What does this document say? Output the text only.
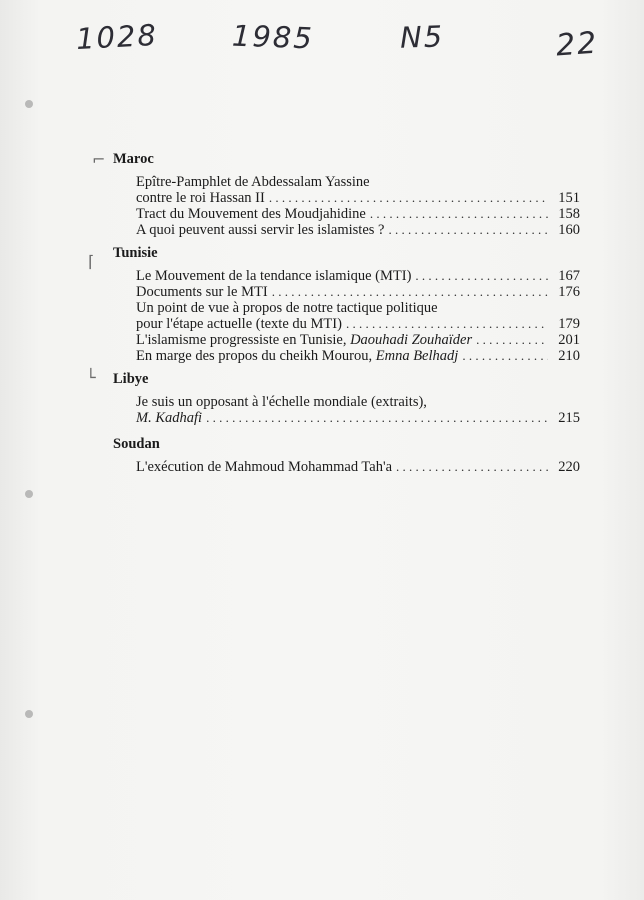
1028	1985	N5	22
⌐
⌈
└
Maroc
Epître-Pamphlet de Abdessalam Yassine
contre le roi Hassan II . . .	151
Tract du Mouvement des Moudjahidine . . .	158
A quoi peuvent aussi servir les islamistes ? . . .	160
Tunisie
Le Mouvement de la tendance islamique (MTI) . . .	167
Documents sur le MTI . . .	176
Un point de vue à propos de notre tactique politique
pour l'étape actuelle (texte du MTI) . . .	179
L'islamisme progressiste en Tunisie, Daouhadi Zouhaïder . . .	201
En marge des propos du cheikh Mourou, Emna Belhadj . . .	210
Libye
Je suis un opposant à l'échelle mondiale (extraits),
M. Kadhafi . . .	215
Soudan
L'exécution de Mahmoud Mohammad Tah'a . . .	220
